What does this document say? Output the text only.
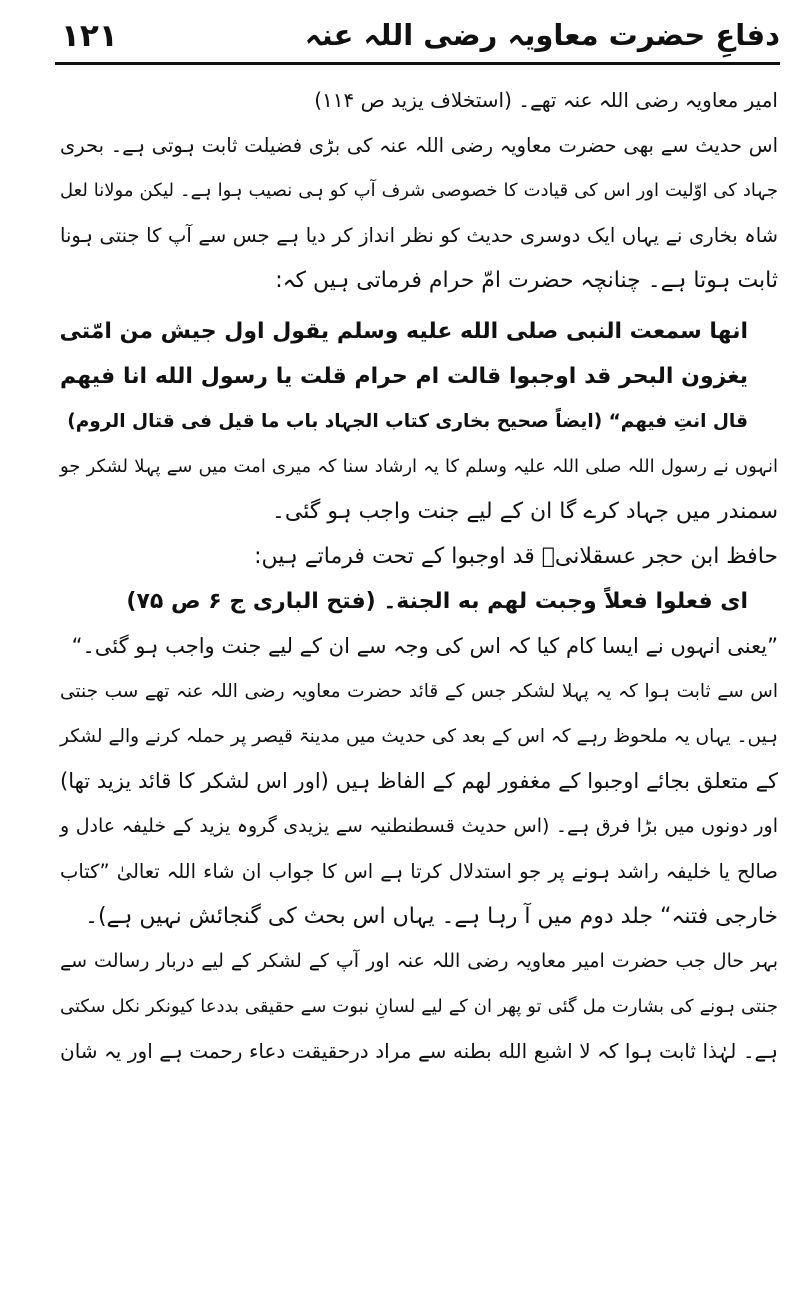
۱۲۱	دفاعِ حضرت معاویہ رضی اللہ عنہ
امیر معاویہ رضی اللہ عنہ تھے۔ (استخلاف یزید ص ۱۱۴)
اس حدیث سے بھی حضرت معاویہ رضی اللہ عنہ کی بڑی فضیلت ثابت ہوتی ہے۔ بحری
جہاد کی اوّلیت اور اس کی قیادت کا خصوصی شرف آپ کو ہی نصیب ہوا ہے۔ لیکن مولانا لعل
شاہ بخاری نے یہاں ایک دوسری حدیث کو نظر انداز کر دیا ہے جس سے آپ کا جنتی ہونا
ثابت ہوتا ہے۔ چنانچہ حضرت امّ حرام فرماتی ہیں کہ:
انها سمعت النبی صلی الله علیه وسلم یقول اول جیش من امّتی
یغزون البحر قد اوجبوا قالت ام حرام قلت یا رسول الله انا فیهم
قال انتِ فیهم“ (ایضاً صحیح بخاری کتاب الجہاد باب ما قیل فی قتال الروم)
انہوں نے رسول اللہ صلی اللہ علیہ وسلم کا یہ ارشاد سنا کہ میری امت میں سے پہلا لشکر جو
سمندر میں جہاد کرے گا ان کے لیے جنت واجب ہو گئی۔
حافظ ابن حجر عسقلانیؒ قد اوجبوا کے تحت فرماتے ہیں:
ای فعلوا فعلاً وجبت لهم به الجنة۔ (فتح الباری ج ۶ ص ۷۵)
”یعنی انہوں نے ایسا کام کیا کہ اس کی وجہ سے ان کے لیے جنت واجب ہو گئی۔“
اس سے ثابت ہوا کہ یہ پہلا لشکر جس کے قائد حضرت معاویہ رضی اللہ عنہ تھے سب جنتی
ہیں۔ یہاں یہ ملحوظ رہے کہ اس کے بعد کی حدیث میں مدینۃ قیصر پر حملہ کرنے والے لشکر
کے متعلق بجائے اوجبوا کے مغفور لھم کے الفاظ ہیں (اور اس لشکر کا قائد یزید تھا)
اور دونوں میں بڑا فرق ہے۔ (اس حدیث قسطنطنیہ سے یزیدی گروہ یزید کے خلیفہ عادل و
صالح یا خلیفہ راشد ہونے پر جو استدلال کرتا ہے اس کا جواب ان شاء اللہ تعالیٰ ”کتاب
خارجی فتنہ“ جلد دوم میں آ رہا ہے۔ یہاں اس بحث کی گنجائش نہیں ہے)۔
بہر حال جب حضرت امیر معاویہ رضی اللہ عنہ اور آپ کے لشکر کے لیے دربار رسالت سے
جنتی ہونے کی بشارت مل گئی تو پھر ان کے لیے لسانِ نبوت سے حقیقی بددعا کیونکر نکل سکتی
ہے۔ لہٰذا ثابت ہوا کہ لا اشبع الله بطنه سے مراد درحقیقت دعاء رحمت ہے اور یہ شان
